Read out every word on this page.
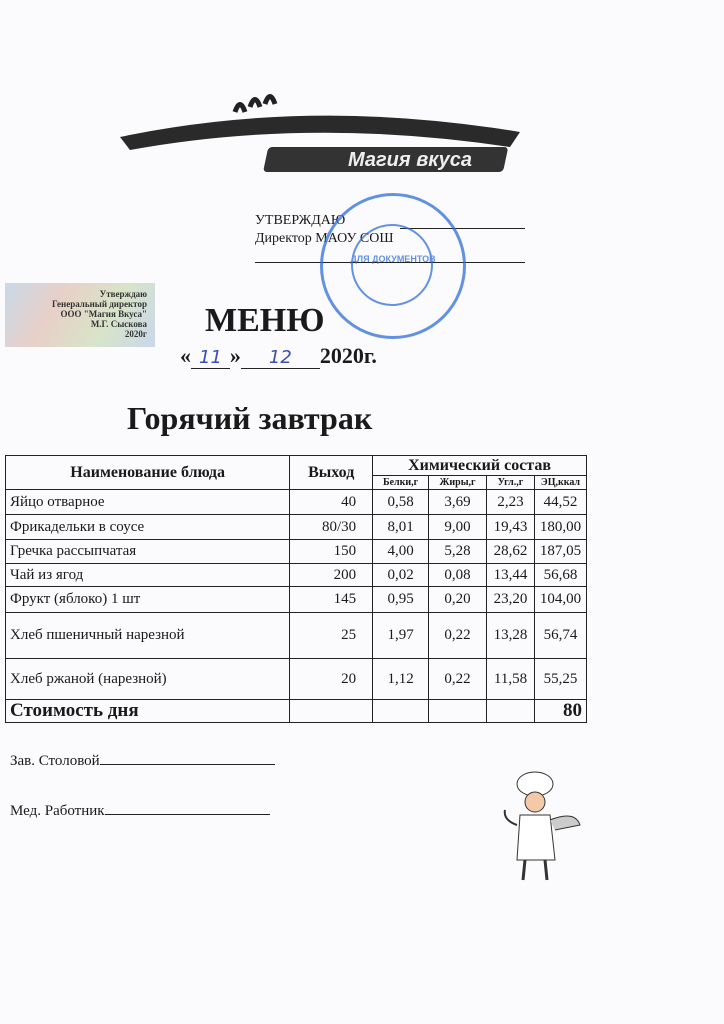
Магия вкуса
УТВЕРЖДАЮ
Директор МАОУ СОШ
ДЛЯ ДОКУМЕНТОВ
Утверждаю
Генеральный директор
ООО "Магия Вкуса"
М.Г. Сыскова
2020г МЕНЮ
« 11 » 12 2020г.
Горячий завтрак
Наименование блюда	Выход	Химический состав			
		Белки,г	Жиры,г	Угл.,г	ЭЦ,ккал
Яйцо отварное	40	0,58	3,69	2,23	44,52
Фрикадельки в соусе	80/30	8,01	9,00	19,43	180,00
Гречка рассыпчатая	150	4,00	5,28	28,62	187,05
Чай из ягод	200	0,02	0,08	13,44	56,68
Фрукт (яблоко) 1 шт	145	0,95	0,20	23,20	104,00
Хлеб пшеничный нарезной	25	1,97	0,22	13,28	56,74
Хлеб ржаной (нарезной)	20	1,12	0,22	11,58	55,25
Стоимость дня					80
Зав. Столовой
Мед. Работник
